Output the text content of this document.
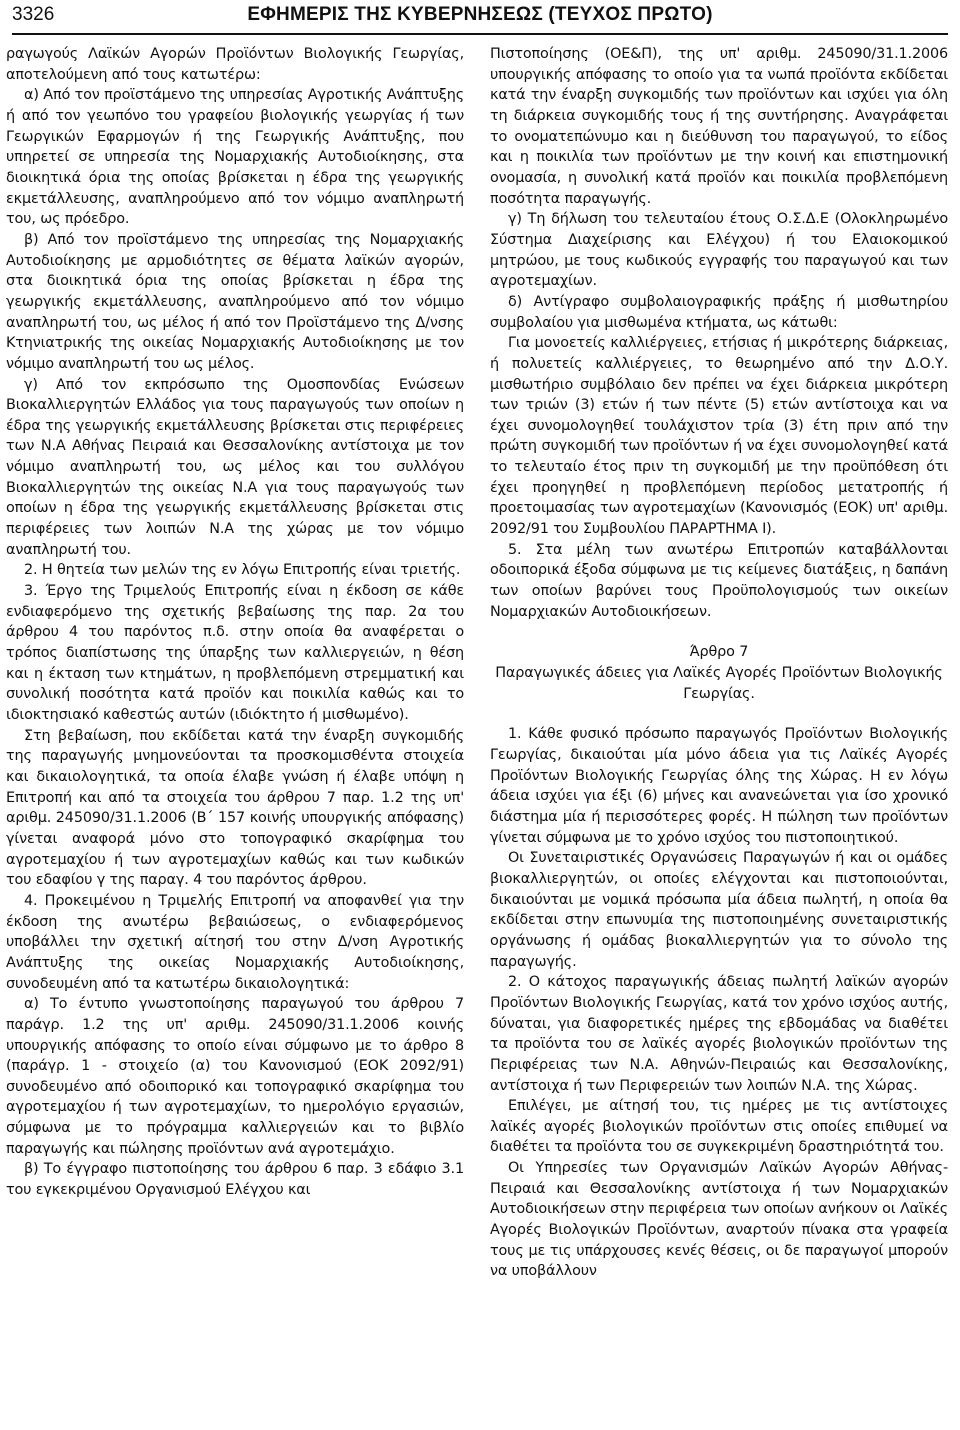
3326	ΕΦΗΜΕΡΙΣ ΤΗΣ ΚΥΒΕΡΝΗΣΕΩΣ (ΤΕΥΧΟΣ ΠΡΩΤΟ)

ραγωγούς Λαϊκών Αγορών Προϊόντων Βιολογικής Γεωργίας, αποτελούμενη από τους κατωτέρω:

α) Από τον προϊστάμενο της υπηρεσίας Αγροτικής Ανάπτυξης ή από τον γεωπόνο του γραφείου βιολογικής γεωργίας ή των Γεωργικών Εφαρμογών ή της Γεωργικής Ανάπτυξης, που υπηρετεί σε υπηρεσία της Νομαρχιακής Αυτοδιοίκησης, στα διοικητικά όρια της οποίας βρίσκεται η έδρα της γεωργικής εκμετάλλευσης, αναπληρούμενο από τον νόμιμο αναπληρωτή του, ως πρόεδρο.

β) Από τον προϊστάμενο της υπηρεσίας της Νομαρχιακής Αυτοδιοίκησης με αρμοδιότητες σε θέματα λαϊκών αγορών, στα διοικητικά όρια της οποίας βρίσκεται η έδρα της γεωργικής εκμετάλλευσης, αναπληρούμενο από τον νόμιμο αναπληρωτή του, ως μέλος ή από τον Προϊστάμενο της Δ/νσης Κτηνιατρικής της οικείας Νομαρχιακής Αυτοδιοίκησης με τον νόμιμο αναπληρωτή του ως μέλος.

γ) Από τον εκπρόσωπο της Ομοσπονδίας Ενώσεων Βιοκαλλιεργητών Ελλάδος για τους παραγωγούς των οποίων η έδρα της γεωργικής εκμετάλλευσης βρίσκεται στις περιφέρειες των Ν.Α Αθήνας Πειραιά και Θεσσαλονίκης αντίστοιχα με τον νόμιμο αναπληρωτή του, ως μέλος και του συλλόγου Βιοκαλλιεργητών της οικείας Ν.Α για τους παραγωγούς των οποίων η έδρα της γεωργικής εκμετάλλευσης βρίσκεται στις περιφέρειες των λοιπών Ν.Α της χώρας με τον νόμιμο αναπληρωτή του.

2. Η θητεία των μελών της εν λόγω Επιτροπής είναι τριετής.

3. Έργο της Τριμελούς Επιτροπής είναι η έκδοση σε κάθε ενδιαφερόμενο της σχετικής βεβαίωσης της παρ. 2α του άρθρου 4 του παρόντος π.δ. στην οποία θα αναφέρεται ο τρόπος διαπίστωσης της ύπαρξης των καλλιεργειών, η θέση και η έκταση των κτημάτων, η προβλεπόμενη στρεμματική και συνολική ποσότητα κατά προϊόν και ποικιλία καθώς και το ιδιοκτησιακό καθεστώς αυτών (ιδιόκτητο ή μισθωμένο).

Στη βεβαίωση, που εκδίδεται κατά την έναρξη συγκομιδής της παραγωγής μνημονεύονται τα προσκομισθέντα στοιχεία και δικαιολογητικά, τα οποία έλαβε γνώση ή έλαβε υπόψη η Επιτροπή και από τα στοιχεία του άρθρου 7 παρ. 1.2 της υπ' αριθμ. 245090/31.1.2006 (Β΄ 157 κοινής υπουργικής απόφασης) γίνεται αναφορά μόνο στο τοπογραφικό σκαρίφημα του αγροτεμαχίου ή των αγροτεμαχίων καθώς και των κωδικών του εδαφίου γ της παραγ. 4 του παρόντος άρθρου.

4. Προκειμένου η Τριμελής Επιτροπή να αποφανθεί για την έκδοση της ανωτέρω βεβαιώσεως, ο ενδιαφερόμενος υποβάλλει την σχετική αίτησή του στην Δ/νση Αγροτικής Ανάπτυξης της οικείας Νομαρχιακής Αυτοδιοίκησης, συνοδευμένη από τα κατωτέρω δικαιολογητικά:

α) Το έντυπο γνωστοποίησης παραγωγού του άρθρου 7 παράγρ. 1.2 της υπ' αριθμ. 245090/31.1.2006 κοινής υπουργικής απόφασης το οποίο είναι σύμφωνο με το άρθρο 8 (παράγρ. 1 - στοιχείο (α) του Κανονισμού (ΕΟΚ 2092/91) συνοδευμένο από οδοιπορικό και τοπογραφικό σκαρίφημα του αγροτεμαχίου ή των αγροτεμαχίων, το ημερολόγιο εργασιών, σύμφωνα με το πρόγραμμα καλλιεργειών και το βιβλίο παραγωγής και πώλησης προϊόντων ανά αγροτεμάχιο.

β) Το έγγραφο πιστοποίησης του άρθρου 6 παρ. 3 εδάφιο 3.1 του εγκεκριμένου Οργανισμού Ελέγχου και

Πιστοποίησης (ΟΕ&Π), της υπ' αριθμ. 245090/31.1.2006 υπουργικής απόφασης το οποίο για τα νωπά προϊόντα εκδίδεται κατά την έναρξη συγκομιδής των προϊόντων και ισχύει για όλη τη διάρκεια συγκομιδής τους ή της συντήρησης. Αναγράφεται το ονοματεπώνυμο και η διεύθυνση του παραγωγού, το είδος και η ποικιλία των προϊόντων με την κοινή και επιστημονική ονομασία, η συνολική κατά προϊόν και ποικιλία προβλεπόμενη ποσότητα παραγωγής.

γ) Τη δήλωση του τελευταίου έτους Ο.Σ.Δ.Ε (Ολοκληρωμένο Σύστημα Διαχείρισης και Ελέγχου) ή του Ελαιοκομικού μητρώου, με τους κωδικούς εγγραφής του παραγωγού και των αγροτεμαχίων.

δ) Αντίγραφο συμβολαιογραφικής πράξης ή μισθωτηρίου συμβολαίου για μισθωμένα κτήματα, ως κάτωθι:

Για μονοετείς καλλιέργειες, ετήσιας ή μικρότερης διάρκειας, ή πολυετείς καλλιέργειες, το θεωρημένο από την Δ.Ο.Υ. μισθωτήριο συμβόλαιο δεν πρέπει να έχει διάρκεια μικρότερη των τριών (3) ετών ή των πέντε (5) ετών αντίστοιχα και να έχει συνομολογηθεί τουλάχιστον τρία (3) έτη πριν από την πρώτη συγκομιδή των προϊόντων ή να έχει συνομολογηθεί κατά το τελευταίο έτος πριν τη συγκομιδή με την προϋπόθεση ότι έχει προηγηθεί η προβλεπόμενη περίοδος μετατροπής ή προετοιμασίας των αγροτεμαχίων (Κανονισμός (ΕΟΚ) υπ' αριθμ. 2092/91 του Συμβουλίου ΠΑΡΑΡΤΗΜΑ Ι).

5. Στα μέλη των ανωτέρω Επιτροπών καταβάλλονται οδοιπορικά έξοδα σύμφωνα με τις κείμενες διατάξεις, η δαπάνη των οποίων βαρύνει τους Προϋπολογισμούς των οικείων Νομαρχιακών Αυτοδιοικήσεων.

Άρθρο 7

Παραγωγικές άδειες για Λαϊκές Αγορές Προϊόντων Βιολογικής Γεωργίας.

1. Κάθε φυσικό πρόσωπο παραγωγός Προϊόντων Βιολογικής Γεωργίας, δικαιούται μία μόνο άδεια για τις Λαϊκές Αγορές Προϊόντων Βιολογικής Γεωργίας όλης της Χώρας. Η εν λόγω άδεια ισχύει για έξι (6) μήνες και ανανεώνεται για ίσο χρονικό διάστημα μία ή περισσότερες φορές. Η πώληση των προϊόντων γίνεται σύμφωνα με το χρόνο ισχύος του πιστοποιητικού.

Οι Συνεταιριστικές Οργανώσεις Παραγωγών ή και οι ομάδες βιοκαλλιεργητών, οι οποίες ελέγχονται και πιστοποιούνται, δικαιούνται με νομικά πρόσωπα μία άδεια πωλητή, η οποία θα εκδίδεται στην επωνυμία της πιστοποιημένης συνεταιριστικής οργάνωσης ή ομάδας βιοκαλλιεργητών για το σύνολο της παραγωγής.

2. Ο κάτοχος παραγωγικής άδειας πωλητή λαϊκών αγορών Προϊόντων Βιολογικής Γεωργίας, κατά τον χρόνο ισχύος αυτής, δύναται, για διαφορετικές ημέρες της εβδομάδας να διαθέτει τα προϊόντα του σε λαϊκές αγορές βιολογικών προϊόντων της Περιφέρειας των Ν.Α. Αθηνών-Πειραιώς και Θεσσαλονίκης, αντίστοιχα ή των Περιφερειών των λοιπών Ν.Α. της Χώρας.

Επιλέγει, με αίτησή του, τις ημέρες με τις αντίστοιχες λαϊκές αγορές βιολογικών προϊόντων στις οποίες επιθυμεί να διαθέτει τα προϊόντα του σε συγκεκριμένη δραστηριότητά του.

Οι Υπηρεσίες των Οργανισμών Λαϊκών Αγορών Αθήνας-Πειραιά και Θεσσαλονίκης αντίστοιχα ή των Νομαρχιακών Αυτοδιοικήσεων στην περιφέρεια των οποίων ανήκουν οι Λαϊκές Αγορές Βιολογικών Προϊόντων, αναρτούν πίνακα στα γραφεία τους με τις υπάρχουσες κενές θέσεις, οι δε παραγωγοί μπορούν να υποβάλλουν
